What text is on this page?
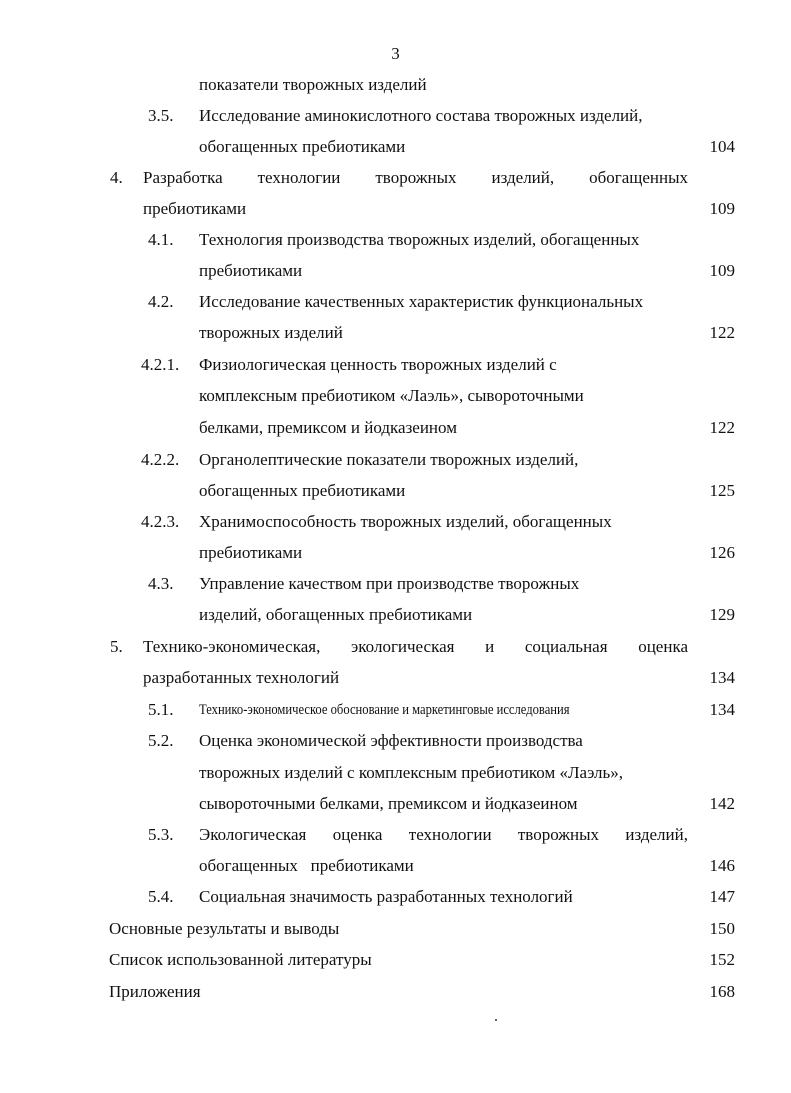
3
показатели творожных изделий
3.5. Исследование аминокислотного состава творожных изделий,
обогащенных пребиотиками	104
4. Разработка технологии творожных изделий, обогащенных
пребиотиками	109
4.1. Технология производства творожных изделий, обогащенных
пребиотиками	109
4.2. Исследование качественных характеристик функциональных
творожных изделий	122
4.2.1. Физиологическая ценность творожных изделий с
комплексным пребиотиком «Лаэль», сывороточными
белками, премиксом и йодказеином	122
4.2.2. Органолептические показатели творожных изделий,
обогащенных пребиотиками	125
4.2.3. Хранимоспособность творожных изделий, обогащенных
пребиотиками	126
4.3. Управление качеством при производстве творожных
изделий, обогащенных пребиотиками	129
5. Технико-экономическая, экологическая и социальная оценка
разработанных технологий	134
5.1. Технико-экономическое обоснование и маркетинговые исследования	134
5.2. Оценка экономической эффективности производства
творожных изделий с комплексным пребиотиком «Лаэль»,
сывороточными белками, премиксом и йодказеином	142
5.3. Экологическая оценка технологии творожных изделий,
обогащенных   пребиотиками	146
5.4. Социальная значимость разработанных технологий	147
Основные результаты и выводы	150
Список использованной литературы	152
Приложения	168
